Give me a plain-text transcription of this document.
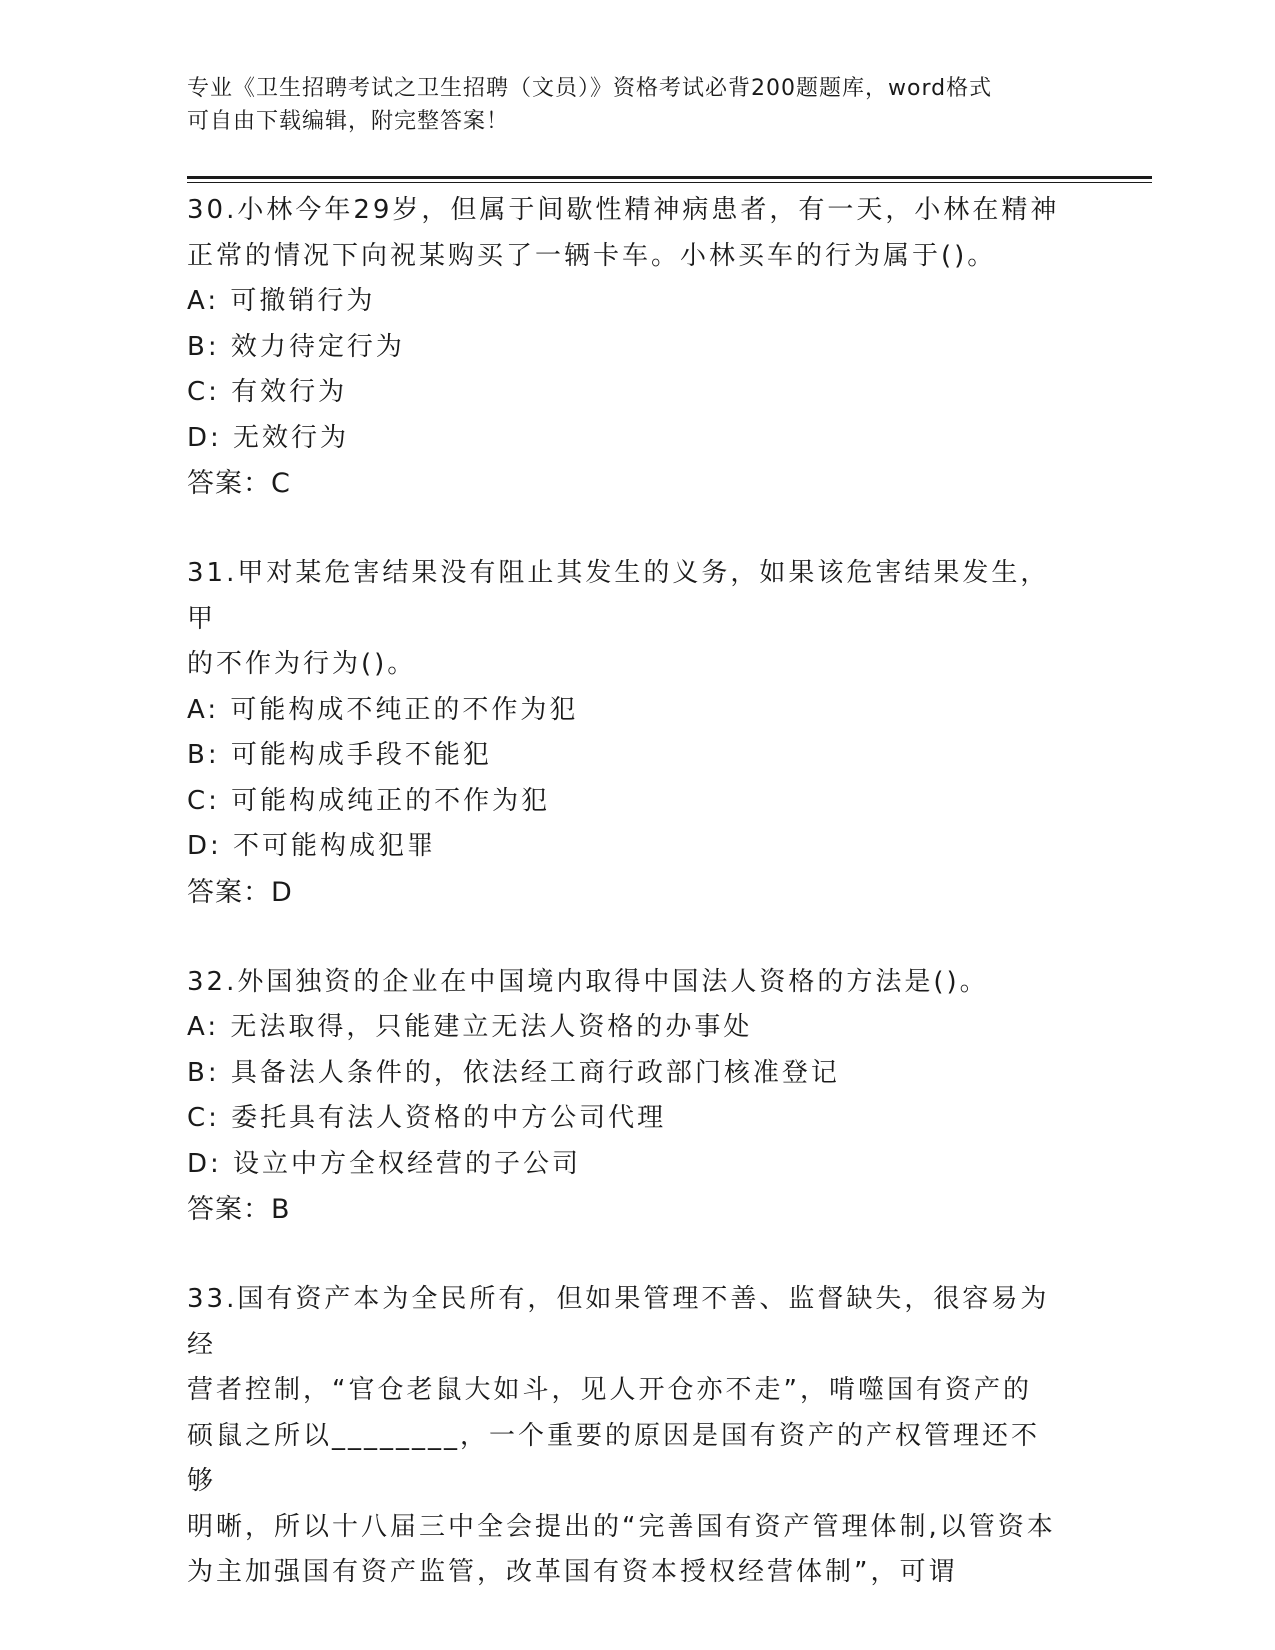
专业《卫生招聘考试之卫生招聘（文员）》资格考试必背200题题库，word格式
可自由下载编辑，附完整答案！
30.小林今年29岁，但属于间歇性精神病患者，有一天，小林在精神
正常的情况下向祝某购买了一辆卡车。小林买车的行为属于()。
A: 可撤销行为
B: 效力待定行为
C: 有效行为
D: 无效行为
答案：C
31.甲对某危害结果没有阻止其发生的义务，如果该危害结果发生，甲
的不作为行为()。
A: 可能构成不纯正的不作为犯
B: 可能构成手段不能犯
C: 可能构成纯正的不作为犯
D: 不可能构成犯罪
答案：D
32.外国独资的企业在中国境内取得中国法人资格的方法是()。
A: 无法取得，只能建立无法人资格的办事处
B: 具备法人条件的，依法经工商行政部门核准登记
C: 委托具有法人资格的中方公司代理
D: 设立中方全权经营的子公司
答案：B
33.国有资产本为全民所有，但如果管理不善、监督缺失，很容易为经
营者控制，“官仓老鼠大如斗，见人开仓亦不走”，啃噬国有资产的
硕鼠之所以________，一个重要的原因是国有资产的产权管理还不够
明晰，所以十八届三中全会提出的“完善国有资产管理体制,以管资本
为主加强国有资产监管，改革国有资本授权经营体制”，可谓
